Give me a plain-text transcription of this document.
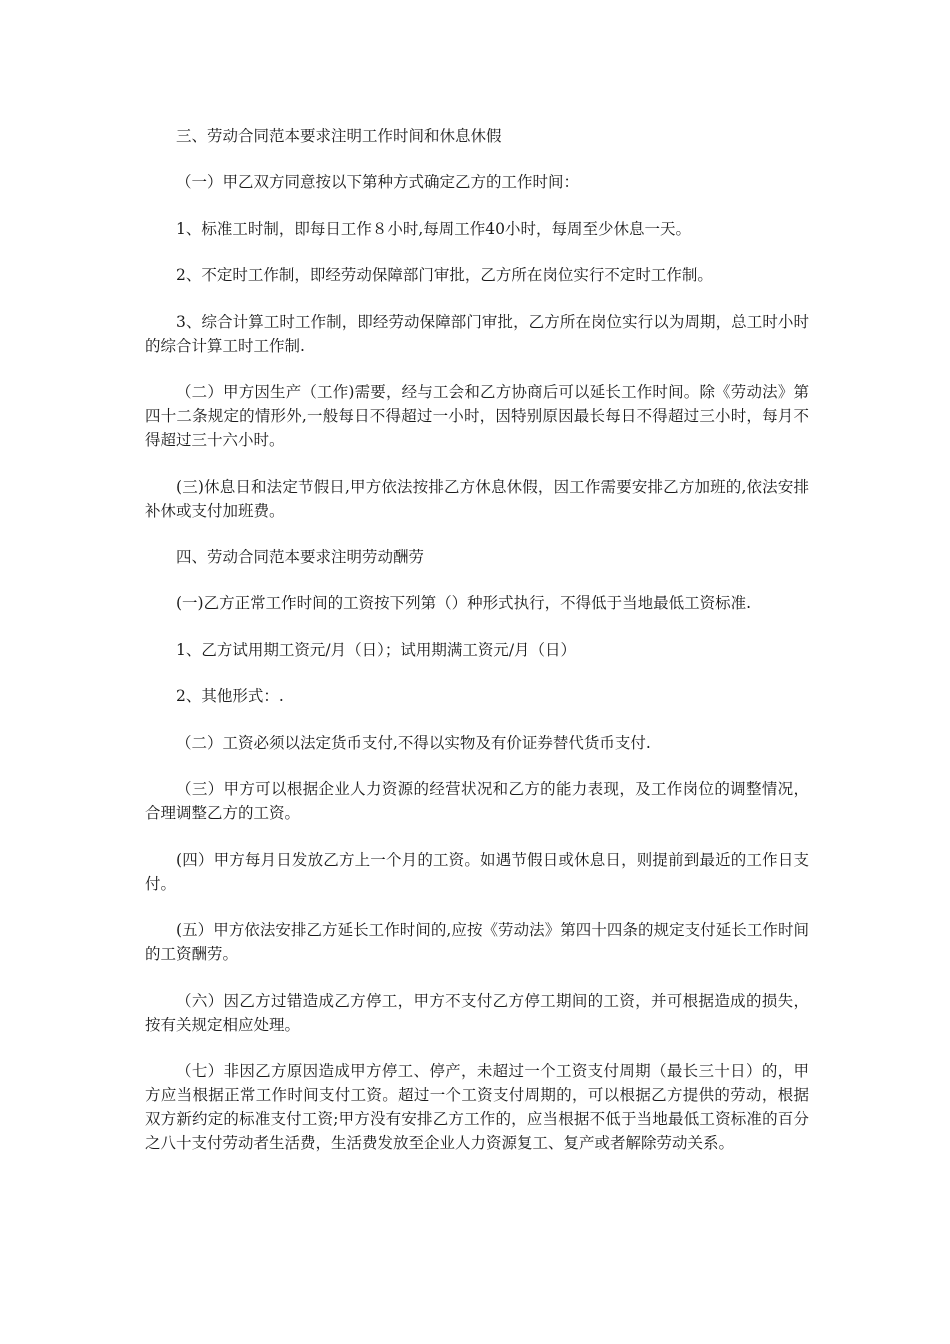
三、劳动合同范本要求注明工作时间和休息休假

（一）甲乙双方同意按以下第种方式确定乙方的工作时间：

1、标准工时制，即每日工作８小时,每周工作40小时，每周至少休息一天。

2、不定时工作制，即经劳动保障部门审批，乙方所在岗位实行不定时工作制。

3、综合计算工时工作制，即经劳动保障部门审批，乙方所在岗位实行以为周期，总工时小时的综合计算工时工作制.

（二）甲方因生产（工作)需要，经与工会和乙方协商后可以延长工作时间。除《劳动法》第四十二条规定的情形外,一般每日不得超过一小时，因特别原因最长每日不得超过三小时，每月不得超过三十六小时。

(三)休息日和法定节假日,甲方依法按排乙方休息休假，因工作需要安排乙方加班的,依法安排补休或支付加班费。

四、劳动合同范本要求注明劳动酬劳

(一)乙方正常工作时间的工资按下列第（）种形式执行，不得低于当地最低工资标准.

1、乙方试用期工资元/月（日）；试用期满工资元/月（日）

2、其他形式：.

（二）工资必须以法定货币支付,不得以实物及有价证券替代货币支付.

（三）甲方可以根据企业人力资源的经营状况和乙方的能力表现，及工作岗位的调整情况，合理调整乙方的工资。

(四）甲方每月日发放乙方上一个月的工资。如遇节假日或休息日，则提前到最近的工作日支付。

(五）甲方依法安排乙方延长工作时间的,应按《劳动法》第四十四条的规定支付延长工作时间的工资酬劳。

（六）因乙方过错造成乙方停工，甲方不支付乙方停工期间的工资，并可根据造成的损失，按有关规定相应处理。

（七）非因乙方原因造成甲方停工、停产，未超过一个工资支付周期（最长三十日）的，甲方应当根据正常工作时间支付工资。超过一个工资支付周期的，可以根据乙方提供的劳动，根据双方新约定的标准支付工资;甲方没有安排乙方工作的，应当根据不低于当地最低工资标准的百分之八十支付劳动者生活费，生活费发放至企业人力资源复工、复产或者解除劳动关系。
